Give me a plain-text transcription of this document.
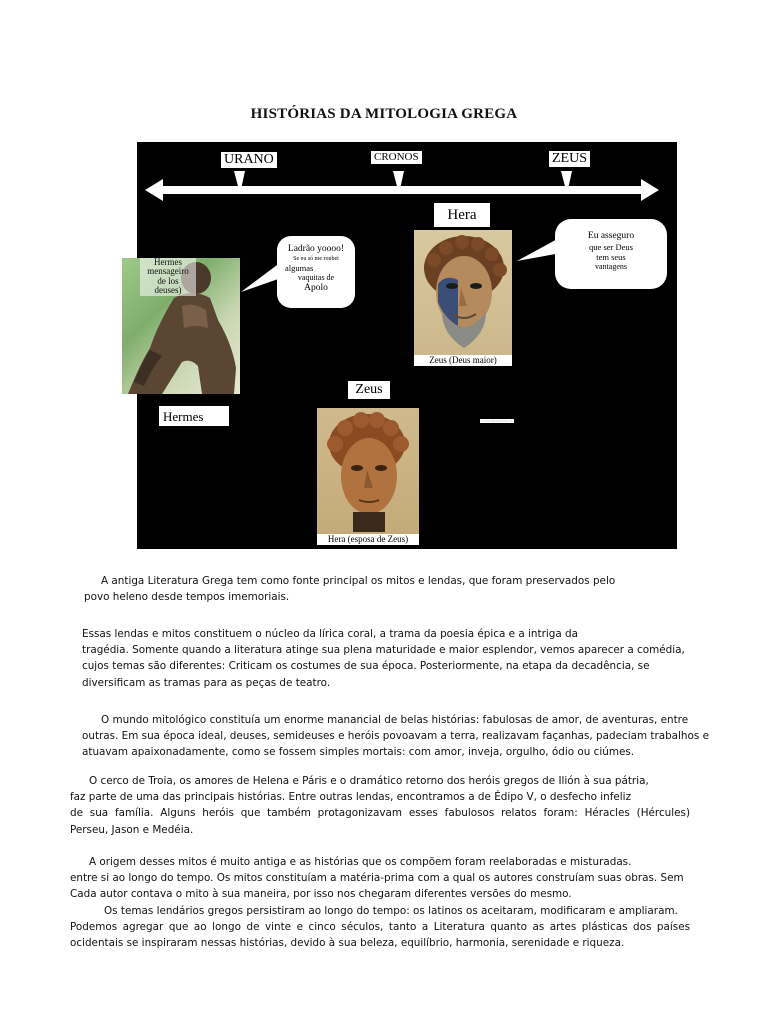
HISTÓRIAS DA MITOLOGIA GREGA
URANO	CRONOS	ZEUS
Hermes
mensageiro
de los
deuses)
Ladrão yoooo!
Se eu só me roubei
algumas
vaquitas de
Apolo
Hera
Zeus (Deus maior)
Eu asseguro
que ser Deus
tem seus
vantagens
Zeus
Hermes	www.spraneZeus.ar
Hera (esposa de Zeus)
A antiga Literatura Grega tem como fonte principal os mitos e lendas, que foram preservados pelo
povo heleno desde tempos imemoriais.
Essas lendas e mitos constituem o núcleo da lírica coral, a trama da poesia épica e a intriga da
tragédia. Somente quando a literatura atinge sua plena maturidade e maior esplendor, vemos aparecer a comédia,
cujos temas são diferentes: Criticam os costumes de sua época. Posteriormente, na etapa da decadência, se
diversificam as tramas para as peças de teatro.
O mundo mitológico constituía um enorme manancial de belas histórias: fabulosas de amor, de aventuras, entre
outras. Em sua época ideal, deuses, semideuses e heróis povoavam a terra, realizavam façanhas, padeciam trabalhos e
atuavam apaixonadamente, como se fossem simples mortais: com amor, inveja, orgulho, ódio ou ciúmes.
O cerco de Troia, os amores de Helena e Páris e o dramático retorno dos heróis gregos de Ilión à sua pátria,
faz parte de uma das principais histórias. Entre outras lendas, encontramos a de Édipo V, o desfecho infeliz
de sua família. Alguns heróis que também protagonizavam esses fabulosos relatos foram: Héracles (Hércules)
Perseu, Jason e Medéia.
A origem desses mitos é muito antiga e as histórias que os compõem foram reelaboradas e misturadas.
entre si ao longo do tempo. Os mitos constituíam a matéria-prima com a qual os autores construíam suas obras. Sem
Cada autor contava o mito à sua maneira, por isso nos chegaram diferentes versões do mesmo.
Os temas lendários gregos persistiram ao longo do tempo: os latinos os aceitaram, modificaram e ampliaram.
Podemos agregar que ao longo de vinte e cinco séculos, tanto a Literatura quanto as artes plásticas dos países
ocidentais se inspiraram nessas histórias, devido à sua beleza, equilíbrio, harmonia, serenidade e riqueza.
